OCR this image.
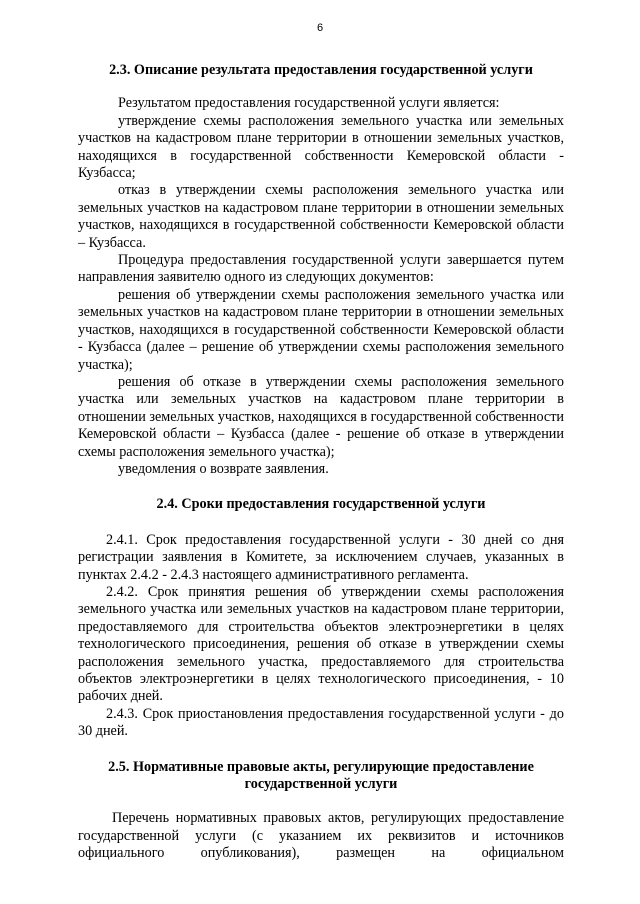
6
2.3. Описание результата предоставления государственной услуги

Результатом предоставления государственной услуги является:

утверждение схемы расположения земельного участка или земельных участков на кадастровом плане территории в отношении земельных участков, находящихся в государственной собственности Кемеровской области - Кузбасса;

отказ в утверждении схемы расположения земельного участка или земельных участков на кадастровом плане территории в отношении земельных участков, находящихся в государственной собственности Кемеровской области – Кузбасса.

Процедура предоставления государственной услуги завершается путем направления заявителю одного из следующих документов:

решения об утверждении схемы расположения земельного участка или земельных участков на кадастровом плане территории в отношении земельных участков, находящихся в государственной собственности Кемеровской области - Кузбасса (далее – решение об утверждении схемы расположения земельного участка);

решения об отказе в утверждении схемы расположения земельного участка или земельных участков на кадастровом плане территории в отношении земельных участков, находящихся в государственной собственности Кемеровской области – Кузбасса (далее - решение об отказе в утверждении схемы расположения земельного участка);

уведомления о возврате заявления.

2.4. Сроки предоставления государственной услуги

2.4.1. Срок предоставления государственной услуги - 30 дней со дня регистрации заявления в Комитете, за исключением случаев, указанных в пунктах 2.4.2 - 2.4.3 настоящего административного регламента.

2.4.2. Срок принятия решения об утверждении схемы расположения земельного участка или земельных участков на кадастровом плане территории, предоставляемого для строительства объектов электроэнергетики в целях технологического присоединения, решения об отказе в утверждении схемы расположения земельного участка, предоставляемого для строительства объектов электроэнергетики в целях технологического присоединения, - 10 рабочих дней.

2.4.3. Срок приостановления предоставления государственной услуги - до 30 дней.

2.5. Нормативные правовые акты, регулирующие предоставление государственной услуги

Перечень нормативных правовых актов, регулирующих предоставление государственной услуги (с указанием их реквизитов и источников официального опубликования), размещен на официальном
